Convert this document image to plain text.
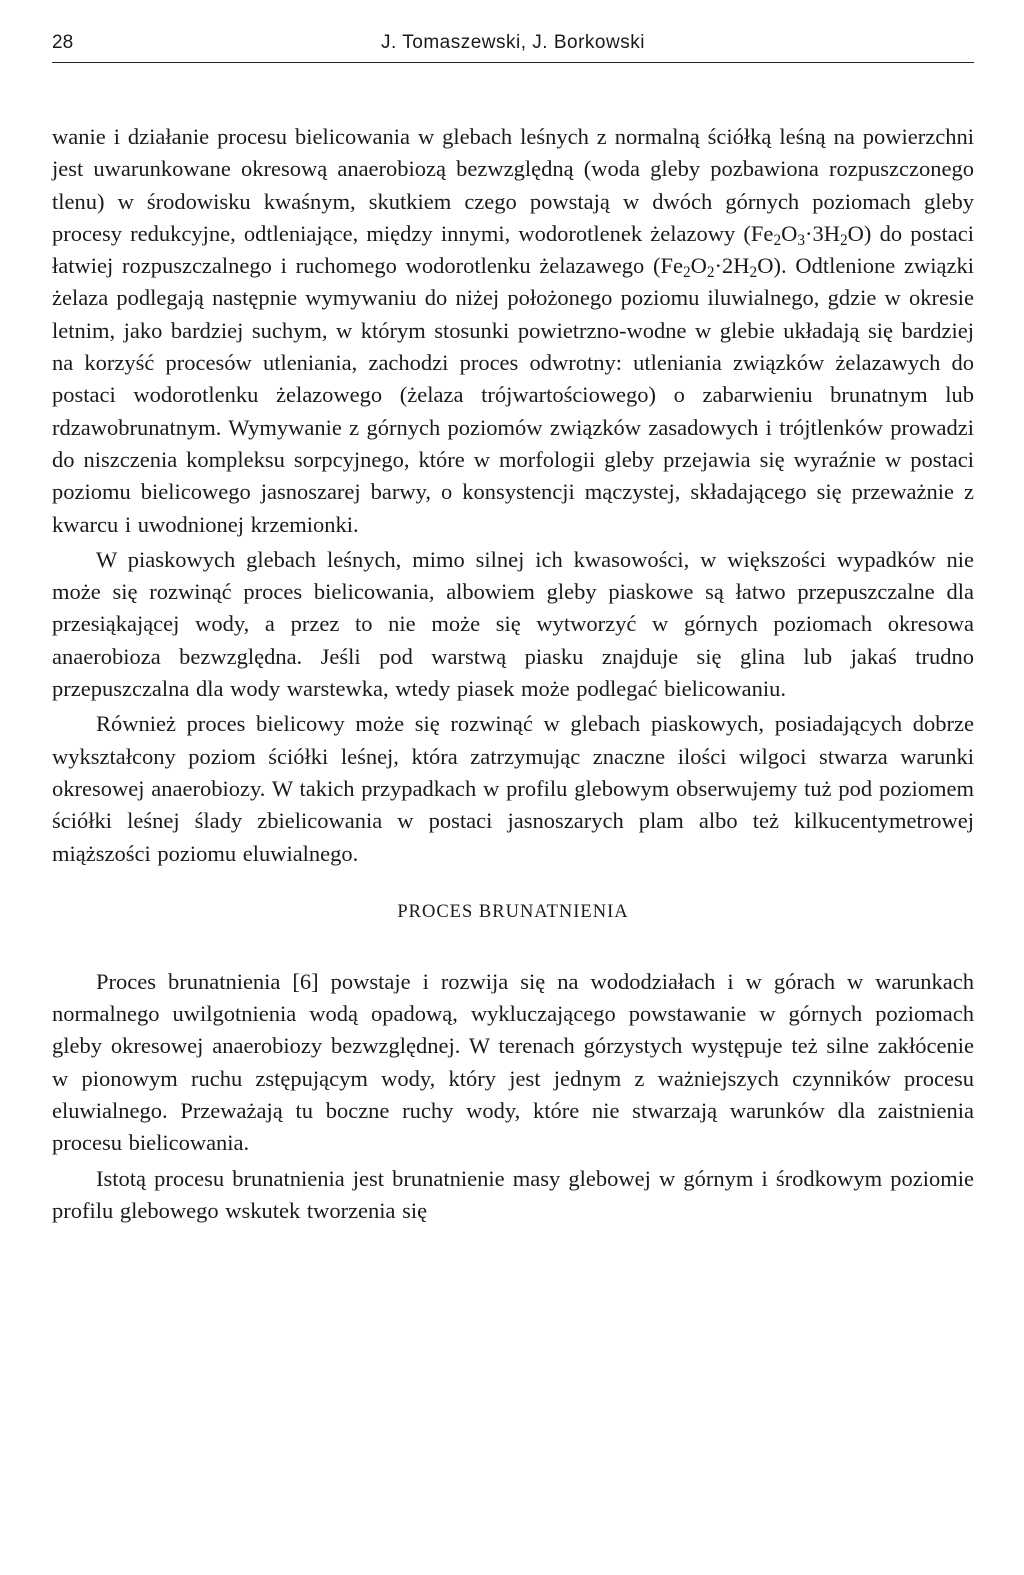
28	J. Tomaszewski, J. Borkowski

wanie i działanie procesu bielicowania w glebach leśnych z normalną ściółką leśną na powierzchni jest uwarunkowane okresową anaerobiozą bezwzględną (woda gleby pozbawiona rozpuszczonego tlenu) w środowisku kwaśnym, skutkiem czego powstają w dwóch górnych poziomach gleby procesy redukcyjne, odtleniające, między innymi, wodorotlenek żelazowy $(Fe_2O_3\cdot 3H_2O)$ do postaci łatwiej rozpuszczalnego i ruchomego wodorotlenku żelazawego $(Fe_2O_2\cdot 2H_2O)$. Odtlenione związki żelaza podlegają następnie wymywaniu do niżej położonego poziomu iluwialnego, gdzie w okresie letnim, jako bardziej suchym, w którym stosunki powietrzno-wodne w glebie układają się bardziej na korzyść procesów utleniania, zachodzi proces odwrotny: utleniania związków żelazawych do postaci wodorotlenku żelazowego (żelaza trójwartościowego) o zabarwieniu brunatnym lub rdzawobrunatnym. Wymywanie z górnych poziomów związków zasadowych i trójtlenków prowadzi do niszczenia kompleksu sorpcyjnego, które w morfologii gleby przejawia się wyraźnie w postaci poziomu bielicowego jasnoszarej barwy, o konsystencji mączystej, składającego się przeważnie z kwarcu i uwodnionej krzemionki.

W piaskowych glebach leśnych, mimo silnej ich kwasowości, w większości wypadków nie może się rozwinąć proces bielicowania, albowiem gleby piaskowe są łatwo przepuszczalne dla przesiąkającej wody, a przez to nie może się wytworzyć w górnych poziomach okresowa anaerobioza bezwzględna. Jeśli pod warstwą piasku znajduje się glina lub jakaś trudno przepuszczalna dla wody warstewka, wtedy piasek może podlegać bielicowaniu.

Również proces bielicowy może się rozwinąć w glebach piaskowych, posiadających dobrze wykształcony poziom ściółki leśnej, która zatrzymując znaczne ilości wilgoci stwarza warunki okresowej anaerobiozy. W takich przypadkach w profilu glebowym obserwujemy tuż pod poziomem ściółki leśnej ślady zbielicowania w postaci jasnoszarych plam albo też kilkucentymetrowej miąższości poziomu eluwialnego.

PROCES BRUNATNIENIA

Proces brunatnienia [6] powstaje i rozwija się na wododziałach i w górach w warunkach normalnego uwilgotnienia wodą opadową, wykluczającego powstawanie w górnych poziomach gleby okresowej anaerobiozy bezwzględnej. W terenach górzystych występuje też silne zakłócenie w pionowym ruchu zstępującym wody, który jest jednym z ważniejszych czynników procesu eluwialnego. Przeważają tu boczne ruchy wody, które nie stwarzają warunków dla zaistnienia procesu bielicowania.

Istotą procesu brunatnienia jest brunatnienie masy glebowej w górnym i środkowym poziomie profilu glebowego wskutek tworzenia się
